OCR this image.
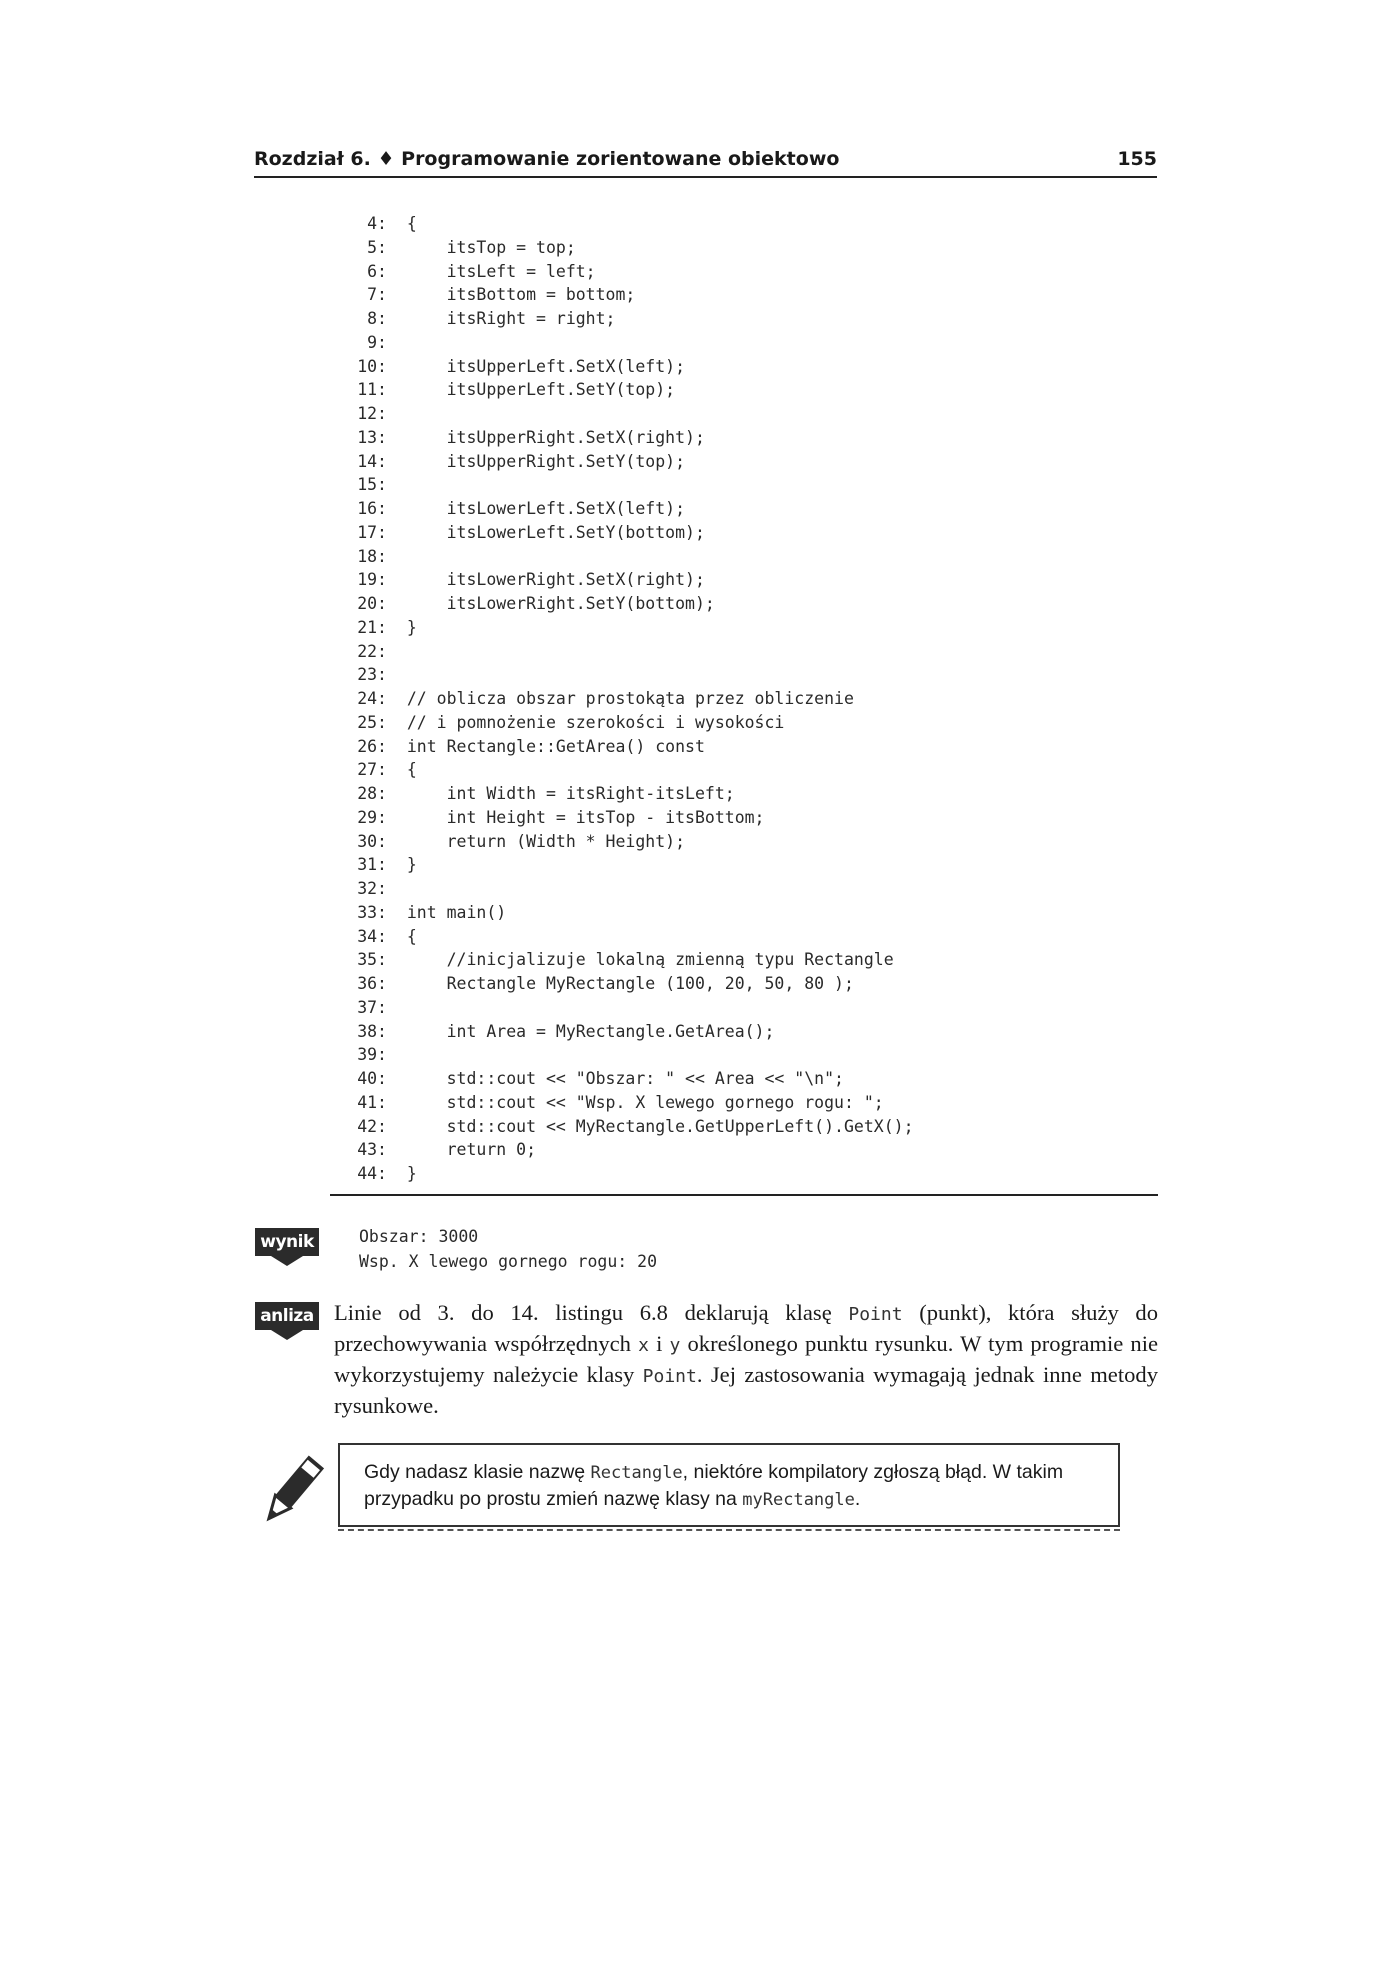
Rozdział 6. ♦ Programowanie zorientowane obiektowo	155
4: {
5:      itsTop = top;
6:      itsLeft = left;
7:      itsBottom = bottom;
8:      itsRight = right;
9:
10:      itsUpperLeft.SetX(left);
11:      itsUpperLeft.SetY(top);
12:
13:      itsUpperRight.SetX(right);
14:      itsUpperRight.SetY(top);
15:
16:      itsLowerLeft.SetX(left);
17:      itsLowerLeft.SetY(bottom);
18:
19:      itsLowerRight.SetX(right);
20:      itsLowerRight.SetY(bottom);
21: }
22:
23:
24: // oblicza obszar prostokąta przez obliczenie
25: // i pomnożenie szerokości i wysokości
26: int Rectangle::GetArea() const
27: {
28:      int Width = itsRight-itsLeft;
29:      int Height = itsTop - itsBottom;
30:      return (Width * Height);
31: }
32:
33: int main()
34: {
35:      //inicjalizuje lokalną zmienną typu Rectangle
36:      Rectangle MyRectangle (100, 20, 50, 80 );
37:
38:      int Area = MyRectangle.GetArea();
39:
40:      std::cout << "Obszar: " << Area << "\n";
41:      std::cout << "Wsp. X lewego gornego rogu: ";
42:      std::cout << MyRectangle.GetUpperLeft().GetX();
43:      return 0;
44: }
wynik	Obszar: 3000
Wsp. X lewego gornego rogu: 20
anliza Linie od 3. do 14. listingu 6.8 deklarują klasę Point (punkt), która służy do przechowywania współrzędnych x i y określonego punktu rysunku. W tym programie nie wykorzystujemy należycie klasy Point. Jej zastosowania wymagają jednak inne metody rysunkowe.
Gdy nadasz klasie nazwę Rectangle, niektóre kompilatory zgłoszą błąd. W takim przypadku po prostu zmień nazwę klasy na myRectangle.
